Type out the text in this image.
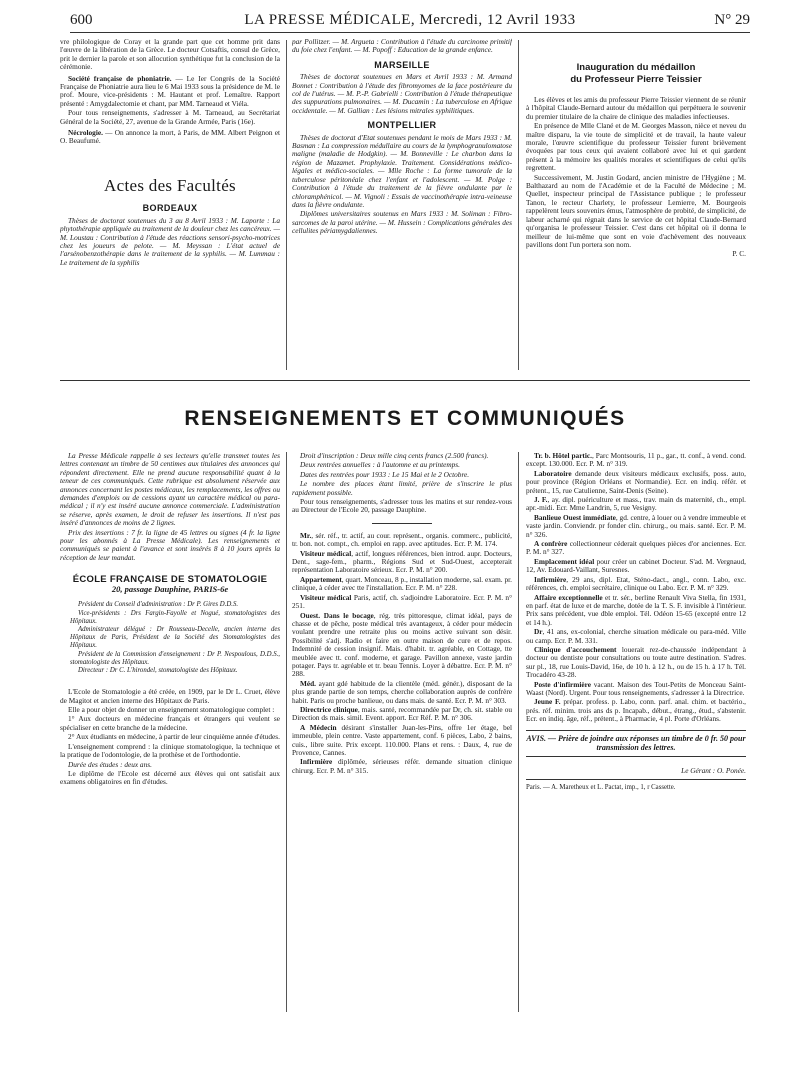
600	LA PRESSE MÉDICALE, Mercredi, 12 Avril 1933	N° 29

vre philologique de Coray et la grande part que cet homme prit dans l'œuvre de la libération de la Grèce. Le docteur Cotsaftis, consul de Grèce, prit le dernier la parole et son allocution synthétique fut la conclusion de la cérémonie.

Société française de phoniatrie. — Le Ier Congrès de la Société Française de Phoniatrie aura lieu le 6 Mai 1933 sous la présidence de M. le prof. Moure, vice-présidents : M. Hautant et prof. Lemaître. Rapport présenté : Amygdalectomie et chant, par MM. Tarneaud et Viéla.

Pour tous renseignements, s'adresser à M. Tarneaud, au Secrétariat Général de la Société, 27, avenue de la Grande Armée, Paris (16e).

Nécrologie. — On annonce la mort, à Paris, de MM. Albert Peignon et O. Beaufumé.

Actes des Facultés
BORDEAUX

Thèses de doctorat soutenues du 3 au 8 Avril 1933 : M. Laporte : La phytothérapie appliquée au traitement de la douleur chez les cancéreux. — M. Loustau : Contribution à l'étude des réactions sensori-psycho-motrices chez les joueurs de pelote. — M. Meyssan : L'état actuel de l'arsénobenzothérapie dans le traitement de la syphilis. — M. Lummau : Le traitement de la syphilis

par Pollitzer. — M. Argueta : Contribution à l'étude du carcinome primitif du foie chez l'enfant. — M. Popoff : Education de la grande enfance.

MARSEILLE

Thèses de doctorat soutenues en Mars et Avril 1933 : M. Armand Bonnet : Contribution à l'étude des fibromyomes de la face postérieure du col de l'utérus. — M. P.-P. Gabrielli : Contribution à l'étude thérapeutique des suppurations pulmonaires. — M. Ducamin : La tuberculose en Afrique occidentale. — M. Gallian : Les lésions mitrales syphilitiques.

MONTPELLIER

Thèses de doctorat d'Etat soutenues pendant le mois de Mars 1933 : M. Basman : La compression médullaire au cours de la lymphogranulomatose maligne (maladie de Hodgkin). — M. Bonneville : Le charbon dans la région de Mazamet. Prophylaxie. Traitement. Considérations médico-légales et médico-sociales. — Mlle Roche : La forme tumorale de la tuberculose péritonéale chez l'enfant et l'adolescent. — M. Polge : Contribution à l'étude du traitement de la fièvre ondulante par le chloramphénicol. — M. Vignoli : Essais de vaccinothérapie intra-veineuse dans la fièvre ondulante.

Diplômes universitaires soutenus en Mars 1933 : M. Soliman : Fibro-sarcomes de la paroi utérine. — M. Hussein : Complications générales des cellulites périamygdaliennes.

Inauguration du médaillon
du Professeur Pierre Teissier

Les élèves et les amis du professeur Pierre Teissier viennent de se réunir à l'hôpital Claude-Bernard autour du médaillon qui perpétuera le souvenir du premier titulaire de la chaire de clinique des maladies infectieuses.

En présence de Mlle Clané et de M. Georges Masson, nièce et neveu du maître disparu, la vie toute de simplicité et de travail, la haute valeur morale, l'œuvre scientifique du professeur Teissier furent brièvement évoquées par tous ceux qui avaient collaboré avec lui et qui gardent présent à la mémoire les qualités morales et scientifiques de celui qu'ils regrettent.

Successivement, M. Justin Godard, ancien ministre de l'Hygiène ; M. Balthazard au nom de l'Académie et de la Faculté de Médecine ; M. Quellet, inspecteur principal de l'Assistance publique ; le professeur Tanon, le recteur Charlety, le professeur Lemierre, M. Bourgeois rappelèrent leurs souvenirs émus, l'atmosphère de probité, de simplicité, de labeur acharné qui régnait dans le service de cet hôpital Claude-Bernard qu'organisa le professeur Teissier. C'est dans cet hôpital où il donna le meilleur de lui-même que sont en voie d'achèvement des nouveaux pavillons dont l'un portera son nom.

P. C.

RENSEIGNEMENTS ET COMMUNIQUÉS

La Presse Médicale rappelle à ses lecteurs qu'elle transmet toutes les lettres contenant un timbre de 50 centimes aux titulaires des annonces qui répondent directement. Elle ne prend aucune responsabilité quant à la teneur de ces communiqués. Cette rubrique est absolument réservée aux annonces concernant les postes médicaux, les remplacements, les offres ou demandes d'emplois ou de cessions ayant un caractère médical ou para-médical ; il n'y est inséré aucune annonce commerciale. L'administration se réserve, après examen, le droit de refuser les insertions. Il n'est pas inséré d'annonces de moins de 2 lignes.

Prix des insertions : 7 fr. la ligne de 45 lettres ou signes (4 fr. la ligne pour les abonnés à La Presse Médicale). Les renseignements et communiqués se paient à l'avance et sont insérés 8 à 10 jours après la réception de leur mandat.

ÉCOLE FRANÇAISE DE STOMATOLOGIE
20, passage Dauphine, PARIS-6e

Président du Conseil d'administration : Dr P. Gires D.D.S.

Vice-présidents : Drs Fargin-Fayolle et Nogué, stomatologistes des Hôpitaux.

Administrateur délégué : Dr Rousseau-Decelle, ancien interne des Hôpitaux de Paris, Président de la Société des Stomatologistes des Hôpitaux.

Président de la Commission d'enseignement : Dr P. Nespoulous, D.D.S., stomatologiste des Hôpitaux.

Directeur : Dr C. L'hirondel, stomatologiste des Hôpitaux.

L'Ecole de Stomatologie a été créée, en 1909, par le Dr L. Cruet, élève de Magitot et ancien interne des Hôpitaux de Paris.

Elle a pour objet de donner un enseignement stomatologique complet :

1° Aux docteurs en médecine français et étrangers qui veulent se spécialiser en cette branche de la médecine.

2° Aux étudiants en médecine, à partir de leur cinquième année d'études.

L'enseignement comprend : la clinique stomatologique, la technique et la pratique de l'odontologie, de la prothèse et de l'orthodontie.

Durée des études : deux ans.

Le diplôme de l'Ecole est décerné aux élèves qui ont satisfait aux examens obligatoires en fin d'études.

Droit d'inscription : Deux mille cinq cents francs (2.500 francs).

Deux rentrées annuelles : à l'automne et au printemps.

Dates des rentrées pour 1933 : Le 15 Mai et le 2 Octobre.

Le nombre des places étant limité, prière de s'inscrire le plus rapidement possible.

Pour tous renseignements, s'adresser tous les matins et sur rendez-vous au Directeur de l'Ecole 20, passage Dauphine.

Mr., sér. réf., tr. actif, au cour. représent., organis. commerc., publicité, tr. bon. not. compt., ch. emploi en rapp. avec aptitudes. Ecr. P. M. 174.

Visiteur médical, actif, longues références, bien introd. aupr. Docteurs, Dent., sage-fem., pharm., Régions Sud et Sud-Ouest, accepterait représentation Laboratoire sérieux. Ecr. P. M. n° 200.

Appartement, quart. Monceau, 8 p., installation moderne, sal. exam. pr. clinique, à céder avec tte l'installation. Ecr. P. M. n° 228.

Visiteur médical Paris, actif, ch. s'adjoindre Laboratoire. Ecr. P. M. n° 251.

Ouest. Dans le bocage, rég. très pittoresque, climat idéal, pays de chasse et de pêche, poste médical très avantageux, à céder pour médecin voulant prendre une retraite plus ou moins active suivant son désir. Possibilité s'adj. Radio et faire en outre maison de cure et de repos. Indemnité de cession insignif. Mais. d'habit. tr. agréable, en Cottage, tte meublée avec tt. conf. moderne, et garage. Pavillon annexe, vaste jardin potager. Pays tr. agréable et tr. beau Tennis. Loyer à débattre. Ecr. P. M. n° 288.

Méd. ayant gdé habitude de la clientèle (méd. génér.), disposant de la plus grande partie de son temps, cherche collaboration auprès de confrère habit. Paris ou proche banlieue, ou dans mais. de santé. Ecr. P. M. n° 303.

Directrice clinique, mais. santé, recommandée par Dr, ch. sit. stable ou Direction ds mais. simil. Event. apport. Ecr Réf. P. M. n° 306.

A Médecin désirant s'installer Juan-les-Pins, offre 1er étage, bel immeuble, plein centre. Vaste appartement, conf. 6 pièces, Labo, 2 bains, cuis., libre suite. Prix except. 110.000. Plans et rens. : Daux, 4, rue de Provence, Cannes.

Infirmière diplômée, sérieuses référ. demande situation clinique chirurg. Ecr. P. M. n° 315.

Tr. b. Hôtel partic., Parc Montsouris, 11 p., gar., tt. conf., à vend. cond. except. 130.000. Ecr. P. M. n° 319.

Laboratoire demande deux visiteurs médicaux exclusifs, poss. auto, pour province (Région Orléans et Normandie). Ecr. en indiq. référ. et prétent., 15, rue Catulienne, Saint-Denis (Seine).

J. F., ay. dipl. puériculture et mass., trav. main ds maternité, ch., empl. apr.-midi. Ecr. Mme Landrin, 5, rue Vesigny.

Banlieue Ouest immédiate, gd. centre, à louer ou à vendre immeuble et vaste jardin. Conviendr. pr fonder clin. chirurg., ou mais. santé. Ecr. P. M. n° 326.

A confrère collectionneur céderait quelques pièces d'or anciennes. Ecr. P. M. n° 327.

Emplacement idéal pour créer un cabinet Docteur. S'ad. M. Vergnaud, 12, Av. Edouard-Vaillant, Suresnes.

Infirmière, 29 ans, dipl. Etat, Sténo-dact., angl., conn. Labo, exc. références, ch. emploi secrétaire, clinique ou Labo. Ecr. P. M. n° 329.

Affaire exceptionnelle et tr. sér., berline Renault Viva Stella, fin 1931, en parf. état de luxe et de marche, dotée de la T. S. F. invisible à l'intérieur. Prix sans précédent, vue dble emploi. Tél. Odéon 15-65 (excepté entre 12 et 14 h.).

Dr, 41 ans, ex-colonial, cherche situation médicale ou para-méd. Ville ou camp. Ecr. P. M. 331.

Clinique d'accouchement louerait rez-de-chaussée indépendant à docteur ou dentiste pour consultations ou toute autre destination. S'adres. sur pl., 18, rue Louis-David, 16e, de 10 h. à 12 h., ou de 15 h. à 17 h. Tél. Trocadéro 43-28.

Poste d'infirmière vacant. Maison des Tout-Petits de Monceau Saint-Waast (Nord). Urgent. Pour tous renseignements, s'adresser à la Directrice.

Jeune F. prépar. profess. p. Labo, conn. parf. anal. chim. et bactério., prés. réf. minim. trois ans ds p. Incapab., début., étrang., étud., s'abstenir. Ecr. en indiq. âge, réf., prétent., à Pharmacie, 4 pl. Porte d'Orléans.

AVIS. — Prière de joindre aux réponses un timbre de 0 fr. 50 pour transmission des lettres.

Le Gérant : O. Ponée.

Paris. — A. Maretheux et L. Pactat, imp., 1, r Cassette.
